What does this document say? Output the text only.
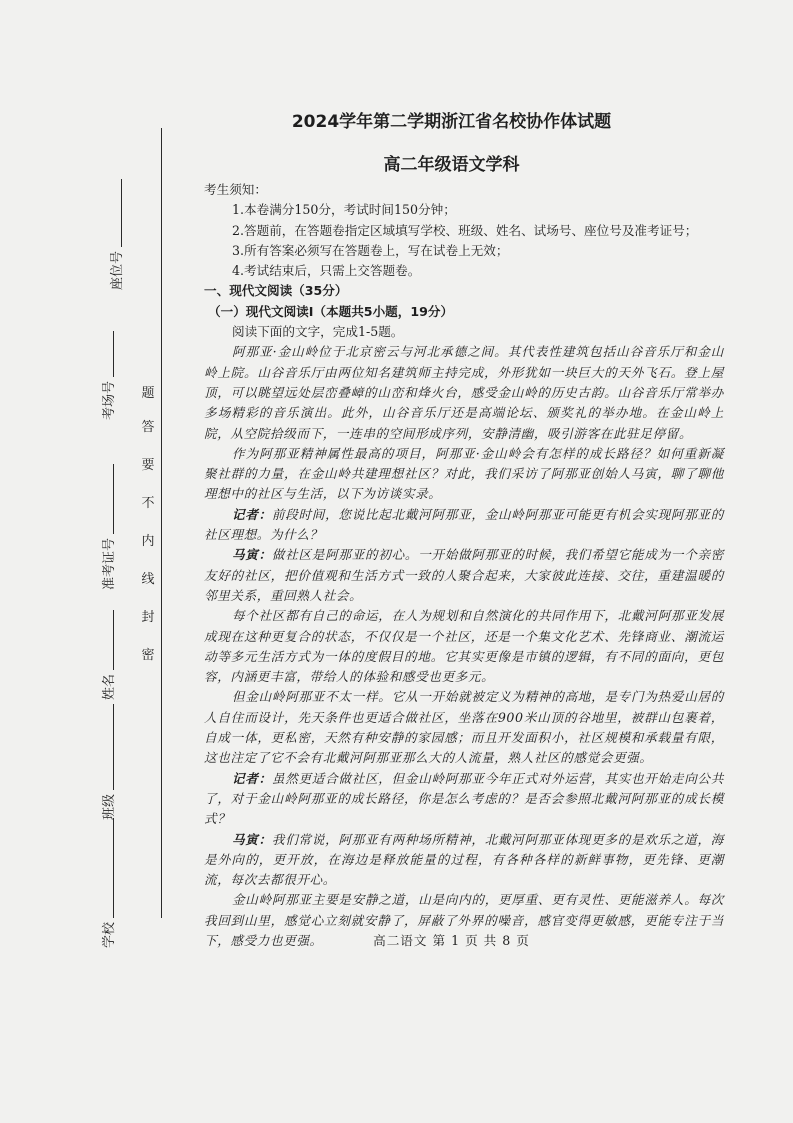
座位号
考场号
准考证号
姓名
班级
学校
题
答
要
不
内
线
封
密
2024学年第二学期浙江省名校协作体试题
高二年级语文学科

考生须知：

1.本卷满分150分，考试时间150分钟；

2.答题前，在答题卷指定区域填写学校、班级、姓名、试场号、座位号及准考证号；

3.所有答案必须写在答题卷上，写在试卷上无效；

4.考试结束后，只需上交答题卷。

一、现代文阅读（35分）

（一）现代文阅读Ⅰ（本题共5小题，19分）

阅读下面的文字，完成1-5题。

阿那亚·金山岭位于北京密云与河北承德之间。其代表性建筑包括山谷音乐厅和金山岭上院。山谷音乐厅由两位知名建筑师主持完成，外形犹如一块巨大的天外飞石。登上屋顶，可以眺望远处层峦叠嶂的山峦和烽火台，感受金山岭的历史古韵。山谷音乐厅常举办多场精彩的音乐演出。此外，山谷音乐厅还是高端论坛、颁奖礼的举办地。在金山岭上院，从空院拾级而下，一连串的空间形成序列，安静清幽，吸引游客在此驻足停留。

作为阿那亚精神属性最高的项目，阿那亚·金山岭会有怎样的成长路径？如何重新凝聚社群的力量，在金山岭共建理想社区？对此，我们采访了阿那亚创始人马寅，聊了聊他理想中的社区与生活，以下为访谈实录。

记者：前段时间，您说比起北戴河阿那亚，金山岭阿那亚可能更有机会实现阿那亚的社区理想。为什么？

马寅：做社区是阿那亚的初心。一开始做阿那亚的时候，我们希望它能成为一个亲密友好的社区，把价值观和生活方式一致的人聚合起来，大家彼此连接、交往，重建温暖的邻里关系，重回熟人社会。

每个社区都有自己的命运，在人为规划和自然演化的共同作用下，北戴河阿那亚发展成现在这种更复合的状态，不仅仅是一个社区，还是一个集文化艺术、先锋商业、潮流运动等多元生活方式为一体的度假目的地。它其实更像是市镇的逻辑，有不同的面向，更包容，内涵更丰富，带给人的体验和感受也更多元。

但金山岭阿那亚不太一样。它从一开始就被定义为精神的高地，是专门为热爱山居的人自住而设计，先天条件也更适合做社区，坐落在900米山顶的谷地里，被群山包裹着，自成一体，更私密，天然有种安静的家园感；而且开发面积小，社区规模和承载量有限，这也注定了它不会有北戴河阿那亚那么大的人流量，熟人社区的感觉会更强。

记者：虽然更适合做社区，但金山岭阿那亚今年正式对外运营，其实也开始走向公共了，对于金山岭阿那亚的成长路径，你是怎么考虑的？是否会参照北戴河阿那亚的成长模式？

马寅：我们常说，阿那亚有两种场所精神，北戴河阿那亚体现更多的是欢乐之道，海是外向的，更开放，在海边是释放能量的过程，有各种各样的新鲜事物，更先锋、更潮流，每次去都很开心。

金山岭阿那亚主要是安静之道，山是向内的，更厚重、更有灵性、更能滋养人。每次我回到山里，感觉心立刻就安静了，屏蔽了外界的噪音，感官变得更敏感，更能专注于当下，感受力也更强。	高二语文 第 1 页 共 8 页
